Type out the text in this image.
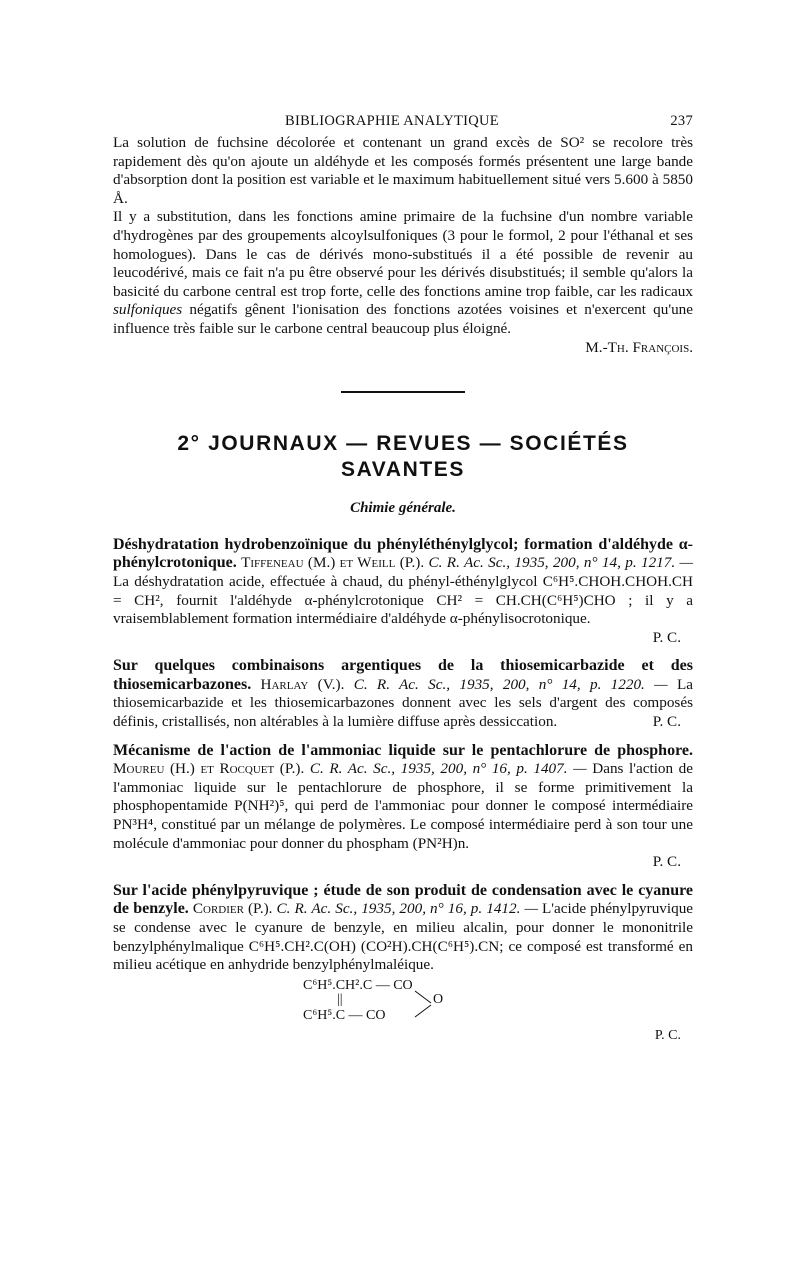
BIBLIOGRAPHIE ANALYTIQUE	237

La solution de fuchsine décolorée et contenant un grand excès de SO² se recolore très rapidement dès qu'on ajoute un aldéhyde et les composés formés présentent une large bande d'absorption dont la position est variable et le maximum habituellement situé vers 5.600 à 5850 Å.

Il y a substitution, dans les fonctions amine primaire de la fuchsine d'un nombre variable d'hydrogènes par des groupements alcoylsulfoniques (3 pour le formol, 2 pour l'éthanal et ses homologues). Dans le cas de dérivés mono-substitués il a été possible de revenir au leucodérivé, mais ce fait n'a pu être observé pour les dérivés disubstitués; il semble qu'alors la basicité du carbone central est trop forte, celle des fonctions amine trop faible, car les radicaux sulfoniques négatifs gênent l'ionisation des fonctions azotées voisines et n'exercent qu'une influence très faible sur le carbone central beaucoup plus éloigné.

M.-Th. François.

2° JOURNAUX — REVUES — SOCIÉTÉS SAVANTES
Chimie générale.

Déshydratation hydrobenzoïnique du phényléthénylglycol; formation d'aldéhyde α-phénylcrotonique. Tiffeneau (M.) et Weill (P.). C. R. Ac. Sc., 1935, 200, n° 14, p. 1217. — La déshydratation acide, effectuée à chaud, du phényl-éthénylglycol C⁶H⁵.CHOH.CHOH.CH = CH², fournit l'aldéhyde α-phénylcrotonique CH² = CH.CH(C⁶H⁵)CHO ; il y a vraisemblablement formation intermédiaire d'aldéhyde α-phénylisocrotonique.

P. C.

Sur quelques combinaisons argentiques de la thiosemicarbazide et des thiosemicarbazones. Harlay (V.). C. R. Ac. Sc., 1935, 200, n° 14, p. 1220. — La thiosemicarbazide et les thiosemicarbazones donnent avec les sels d'argent des composés définis, cristallisés, non altérables à la lumière diffuse après dessiccation.	P. C.

Mécanisme de l'action de l'ammoniac liquide sur le pentachlorure de phosphore. Moureu (H.) et Rocquet (P.). C. R. Ac. Sc., 1935, 200, n° 16, p. 1407. — Dans l'action de l'ammoniac liquide sur le pentachlorure de phosphore, il se forme primitivement la phosphopentamide P(NH²)⁵, qui perd de l'ammoniac pour donner le composé intermédiaire PN³H⁴, constitué par un mélange de polymères. Le composé intermédiaire perd à son tour une molécule d'ammoniac pour donner du phospham (PN²H)n.

P. C.

Sur l'acide phénylpyruvique ; étude de son produit de condensation avec le cyanure de benzyle. Cordier (P.). C. R. Ac. Sc., 1935, 200, n° 16, p. 1412. — L'acide phénylpyruvique se condense avec le cyanure de benzyle, en milieu alcalin, pour donner le mononitrile benzylphénylmalique C⁶H⁵.CH².C(OH) (CO²H).CH(C⁶H⁵).CN; ce composé est transformé en milieu acétique en anhydride benzylphénylmaléique.

C⁶H⁵.CH².C — CO
||
C⁶H⁵.C — CO
O
P. C.
